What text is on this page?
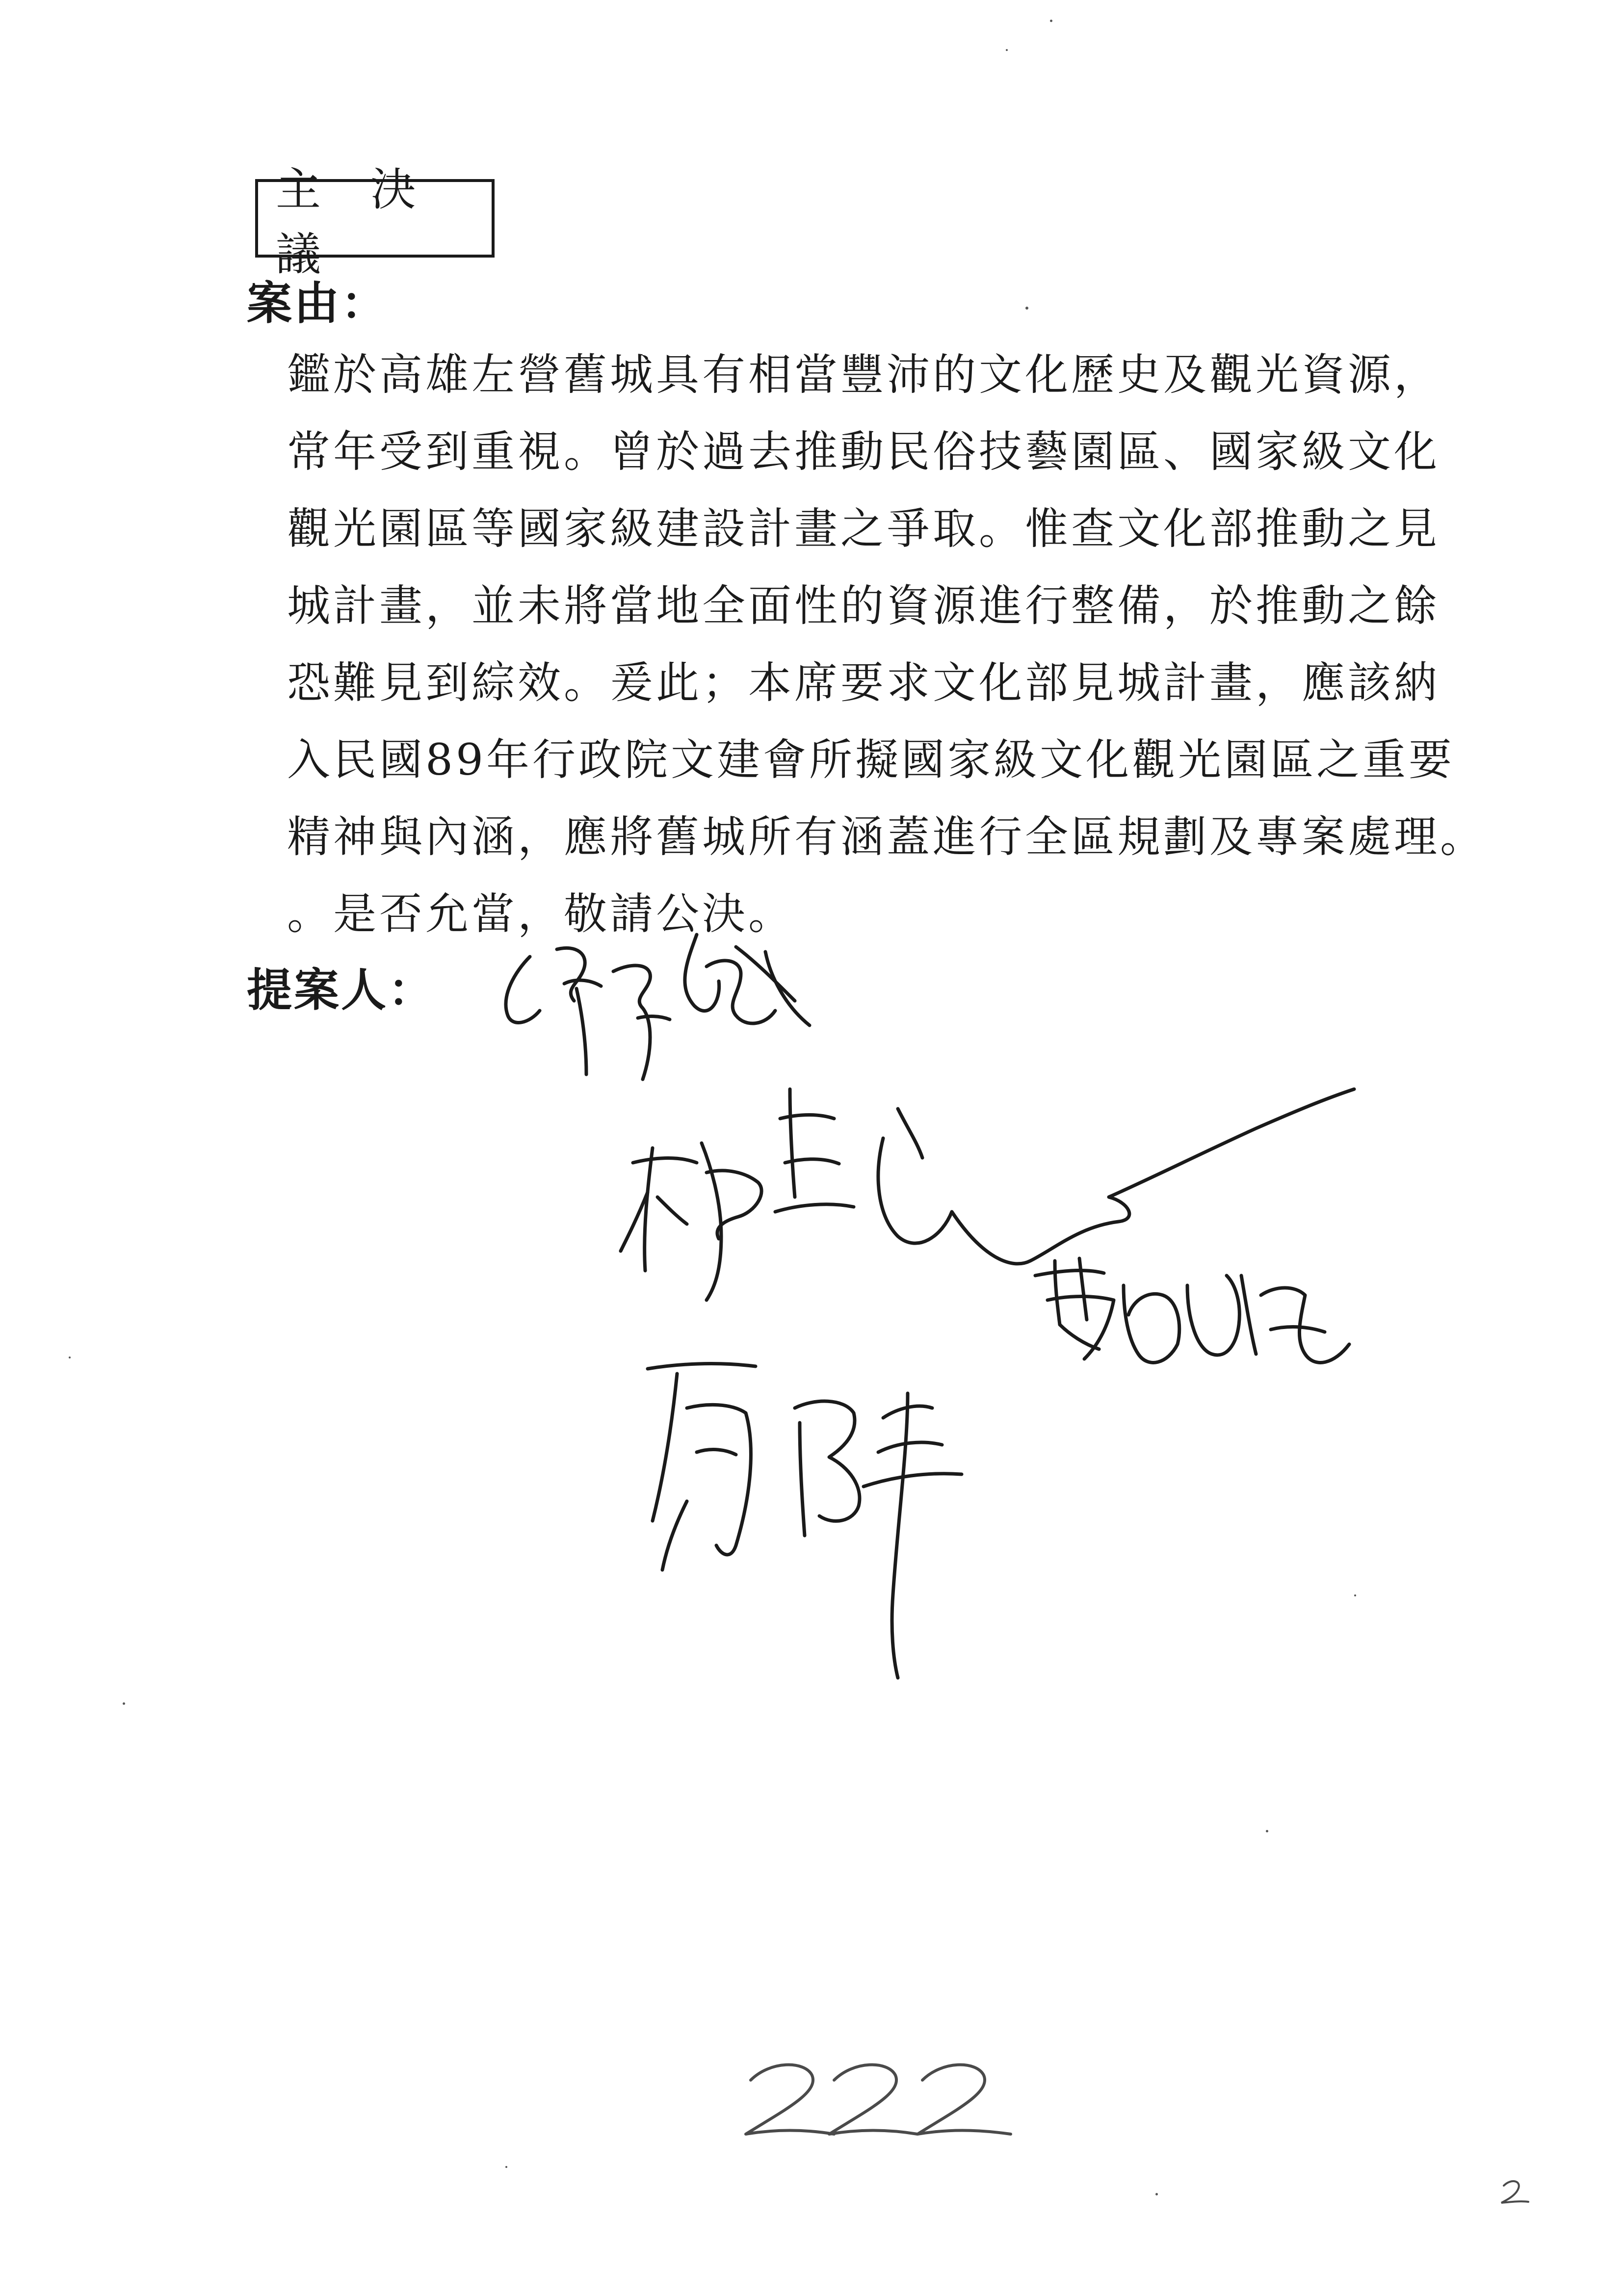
主 決 議
案由：
鑑於高雄左營舊城具有相當豐沛的文化歷史及觀光資源，
常年受到重視。曾於過去推動民俗技藝園區、國家級文化
觀光園區等國家級建設計畫之爭取。惟查文化部推動之見
城計畫，並未將當地全面性的資源進行整備，於推動之餘
恐難見到綜效。爰此；本席要求文化部見城計畫，應該納
入民國89年行政院文建會所擬國家級文化觀光園區之重要
精神與內涵，應將舊城所有涵蓋進行全區規劃及專案處理。
。是否允當，敬請公決。
提案人：
